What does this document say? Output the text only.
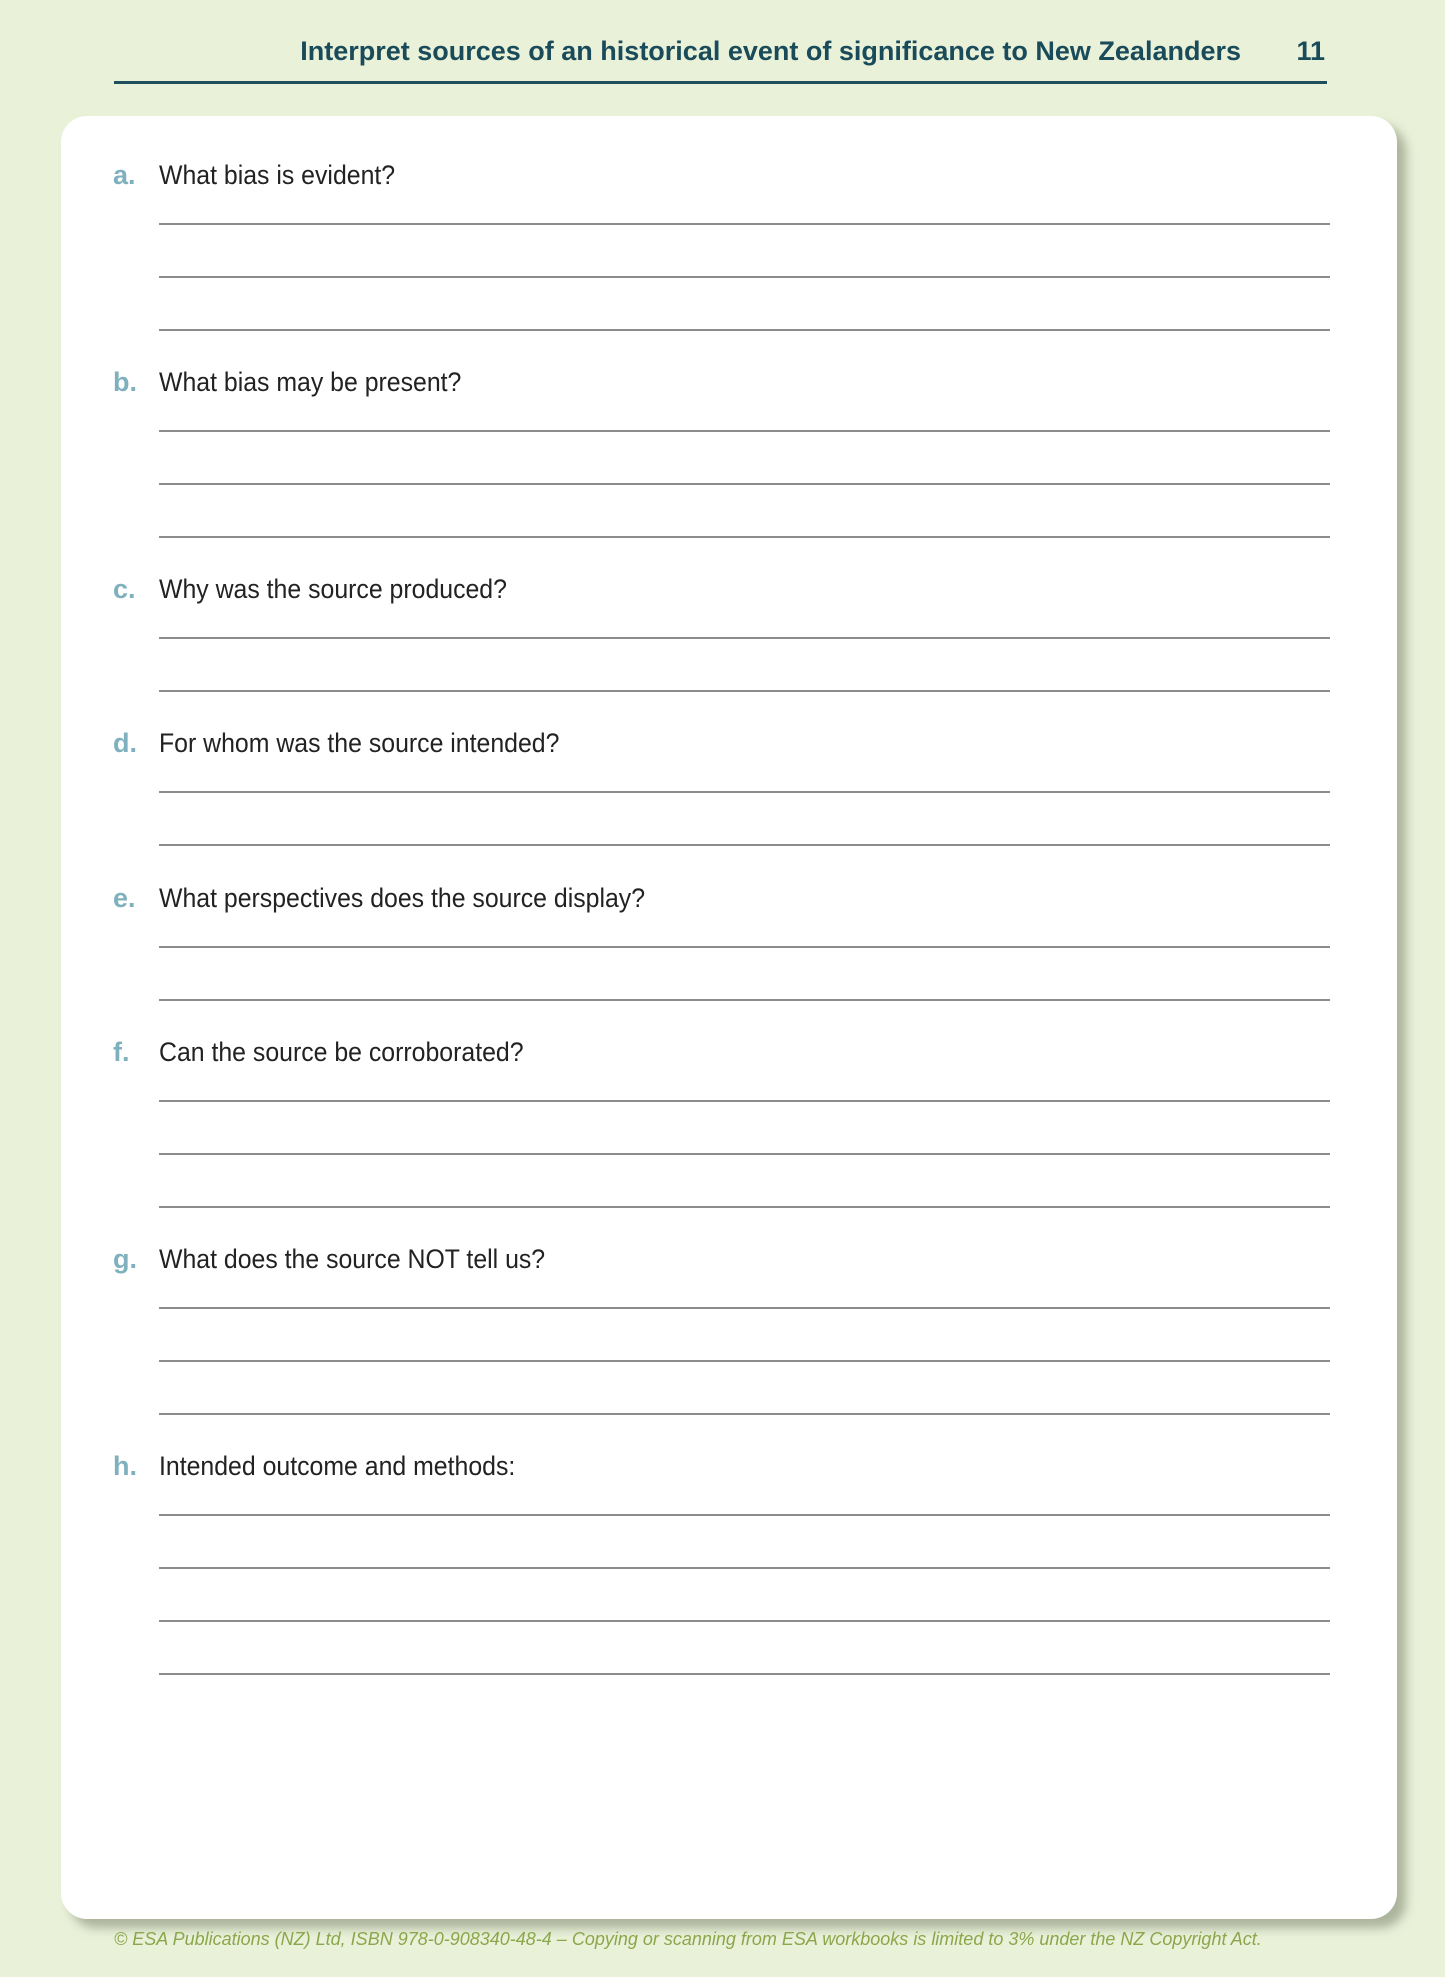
Interpret sources of an historical event of significance to New Zealanders 11
a. What bias is evident?
b. What bias may be present?
c. Why was the source produced?
d. For whom was the source intended?
e. What perspectives does the source display?
f. Can the source be corroborated?
g. What does the source NOT tell us?
h. Intended outcome and methods:
© ESA Publications (NZ) Ltd, ISBN 978-0-908340-48-4 – Copying or scanning from ESA workbooks is limited to 3% under the NZ Copyright Act.
